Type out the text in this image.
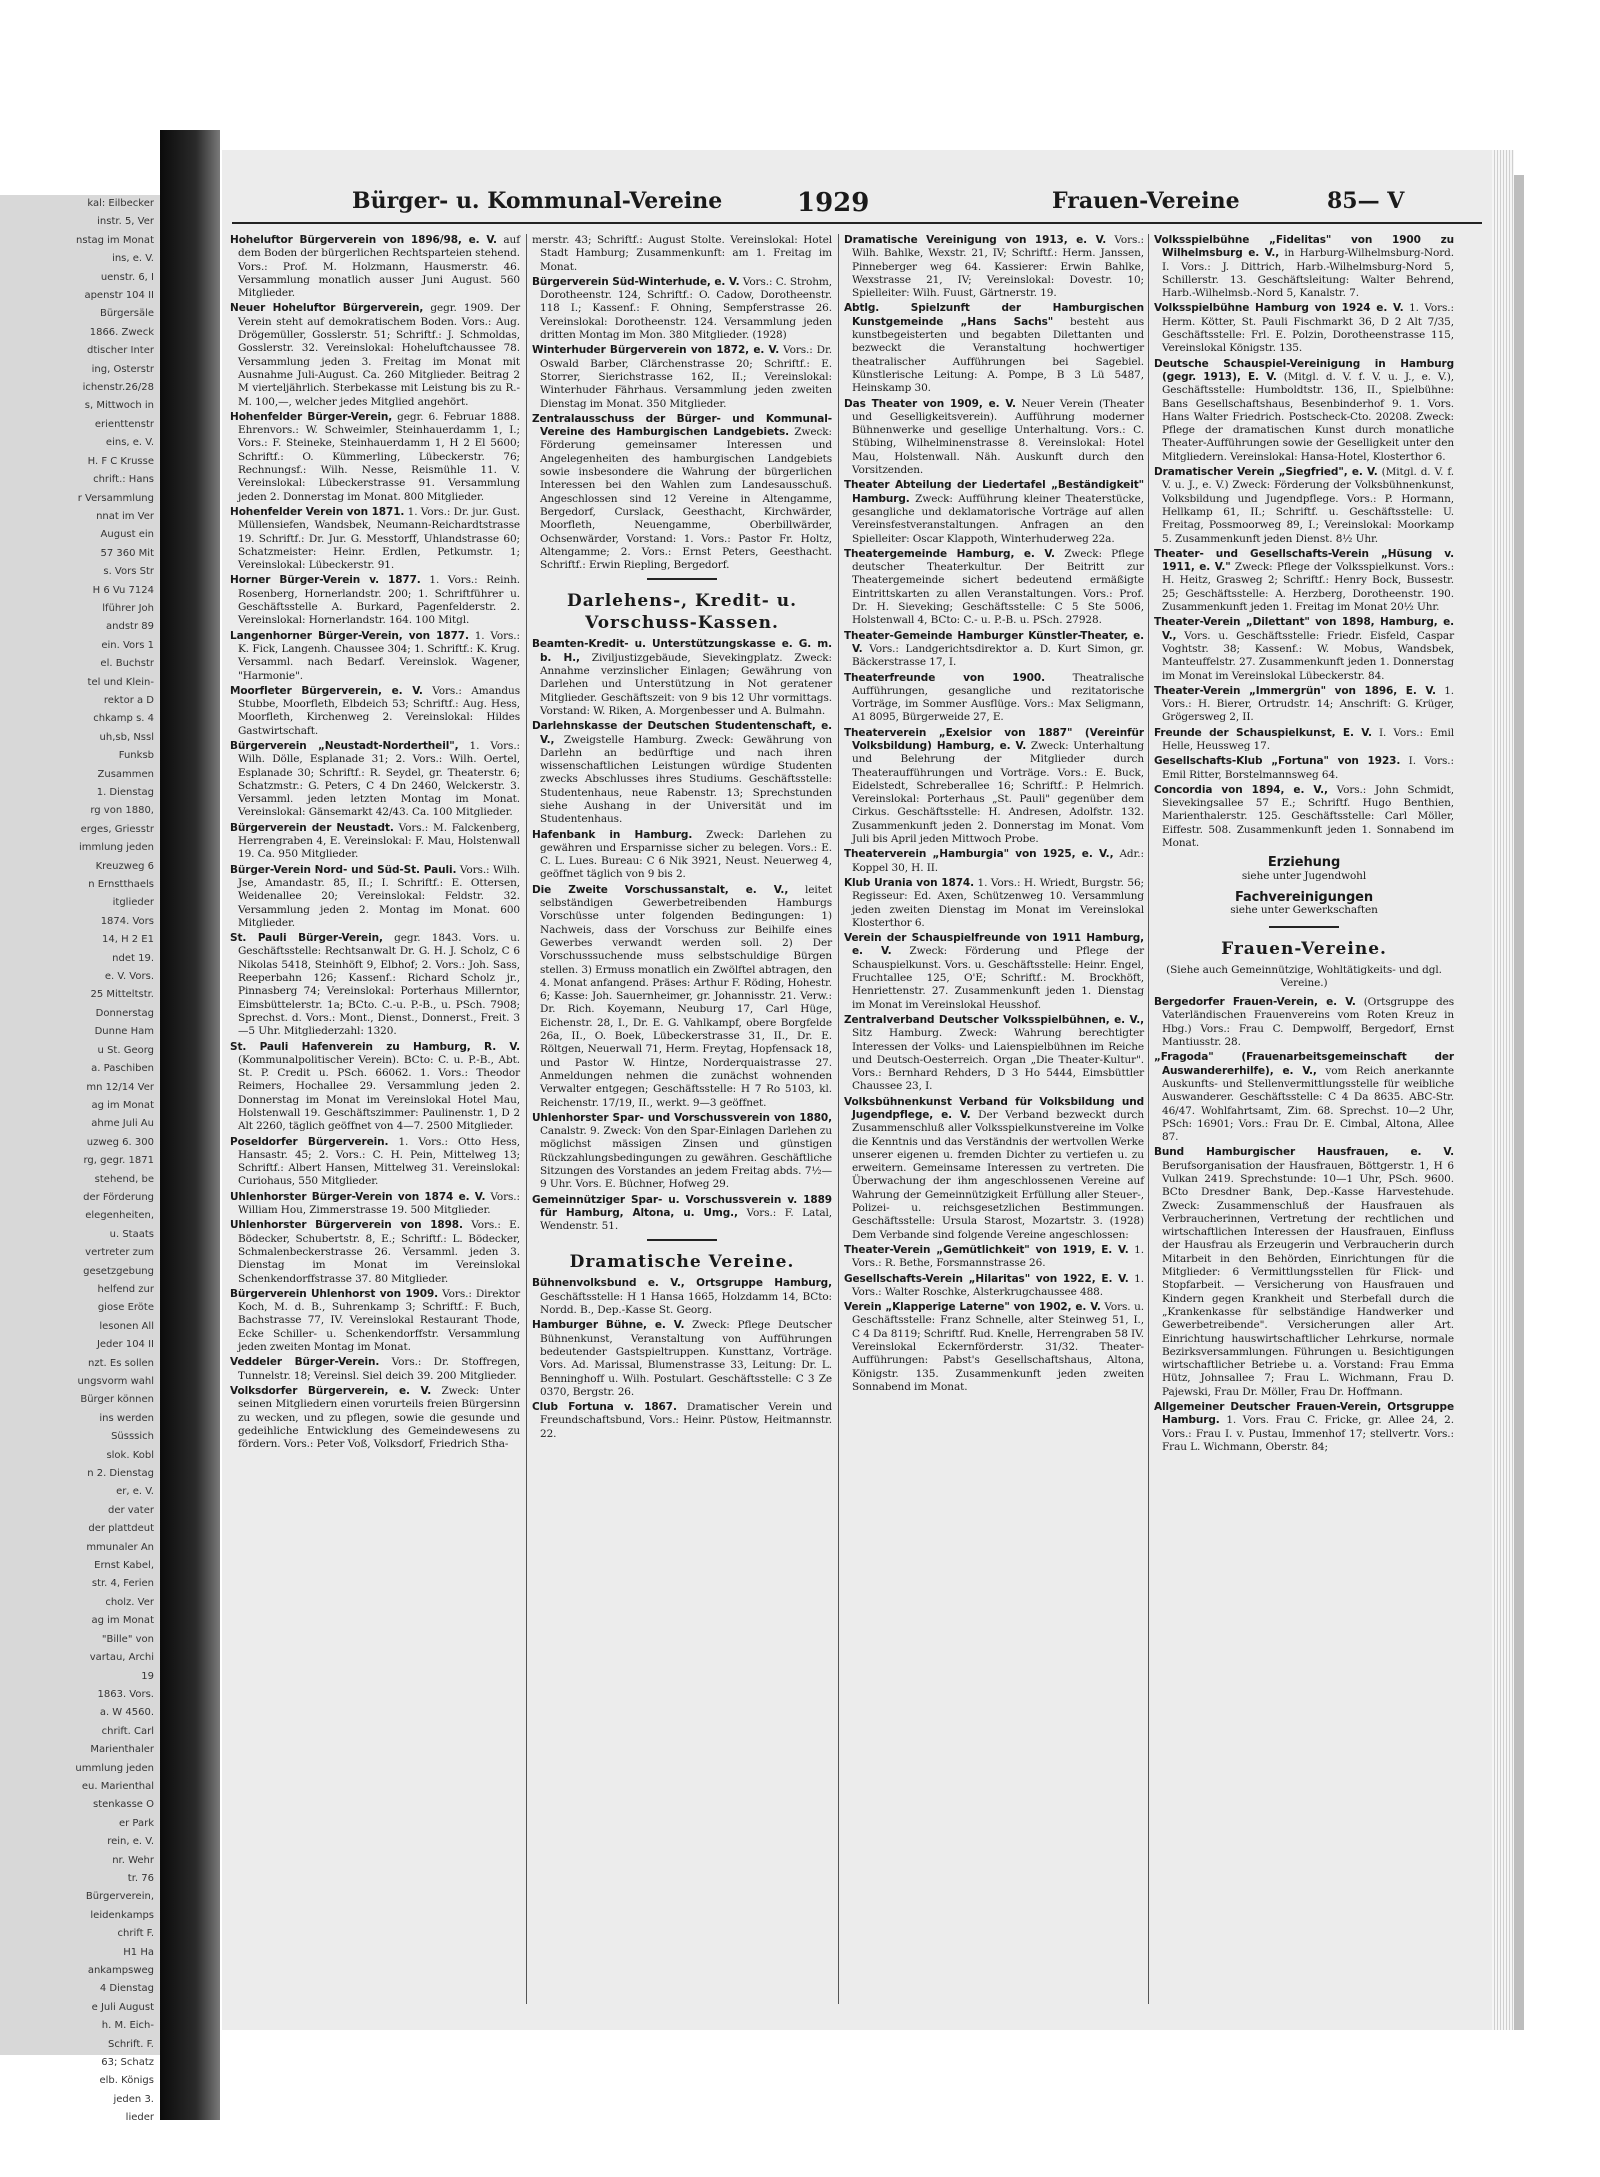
kal: Eilbecker
instr. 5, Ver
nstag im Monat
ins, e. V.
uenstr. 6, I
apenstr 104 II
Bürgersäle
1866. Zweck
dtischer Inter
ing, Osterstr
ichenstr.26/28
s, Mittwoch in
erienttenstr
eins, e. V.
H. F C Krusse
chrift.: Hans
r Versammlung
nnat im Ver
August ein
57 360 Mit
s. Vors Str
H 6 Vu 7124
lführer Joh
andstr 89
ein. Vors 1
el. Buchstr
tel und Klein-
rektor a D
chkamp s. 4
uh,sb, Nssl
Funksb
Zusammen
1. Dienstag
rg von 1880,
erges, Griesstr
immlung jeden
Kreuzweg 6
n Ernstthaels
itglieder
1874. Vors
14, H 2 E1
ndet 19.
e. V. Vors.
25 Mitteltstr.
Donnerstag
Dunne Ham
u St. Georg
a. Paschiben
mn 12/14 Ver
ag im Monat
ahme Juli Au
uzweg 6. 300
rg, gegr. 1871
stehend, be
der Förderung
elegenheiten,
u. Staats
vertreter zum
gesetzgebung
helfend zur
giose Eröte
lesonen All
Jeder 104 II
nzt. Es sollen
ungsvorm wahl
Bürger können
ins werden
Süsssich
slok. Kobl
n 2. Dienstag
er, e. V.
der vater
der plattdeut
mmunaler An
Ernst Kabel,
str. 4, Ferien
cholz. Ver
ag im Monat
"Bille" von
vartau, Archi
19
1863. Vors.
a. W 4560.
chrift. Carl
Marienthaler
ummlung jeden
eu. Marienthal
stenkasse O
er Park
rein, e. V.
nr. Wehr
tr. 76
Bürgerverein,
leidenkamps
chrift F.
H1 Ha
ankampsweg
4 Dienstag
e Juli August
h. M. Eich-
Schrift. F.
63; Schatz
elb. Königs
jeden 3.
lieder
Bürger- u. Kommunal-Vereine	1929	Frauen-Vereine	85— V
Hoheluftor Bürgerverein von 1896/98, e. V. auf dem Boden der bürgerlichen Rechtsparteien stehend. Vors.: Prof. M. Holzmann, Hausmerstr. 46. Versammlung monatlich ausser Juni August. 560 Mitglieder.
Neuer Hoheluftor Bürgerverein, gegr. 1909. Der Verein steht auf demokratischem Boden. Vors.: Aug. Drögemüller, Gosslerstr. 51; Schriftf.: J. Schmoldas, Gosslerstr. 32. Vereinslokal: Hoheluftchaussee 78. Versammlung jeden 3. Freitag im Monat mit Ausnahme Juli-August. Ca. 260 Mitglieder. Beitrag 2 M vierteljährlich. Sterbekasse mit Leistung bis zu R.-M. 100,—, welcher jedes Mitglied angehört.
Hohenfelder Bürger-Verein, gegr. 6. Februar 1888. Ehrenvors.: W. Schweimler, Steinhauerdamm 1, I.; Vors.: F. Steineke, Steinhauerdamm 1, H 2 El 5600; Schriftf.: O. Kümmerling, Lübeckerstr. 76; Rechnungsf.: Wilh. Nesse, Reismühle 11. V. Vereinslokal: Lübeckerstrasse 91. Versammlung jeden 2. Donnerstag im Monat. 800 Mitglieder.
Hohenfelder Verein von 1871. 1. Vors.: Dr. jur. Gust. Müllensiefen, Wandsbek, Neumann-Reichardtstrasse 19. Schriftf.: Dr. Jur. G. Messtorff, Uhlandstrasse 60; Schatzmeister: Heinr. Erdlen, Petkumstr. 1; Vereinslokal: Lübeckerstr. 91.
Horner Bürger-Verein v. 1877. 1. Vors.: Reinh. Rosenberg, Hornerlandstr. 200; 1. Schriftführer u. Geschäftsstelle A. Burkard, Pagenfelderstr. 2. Vereinslokal: Hornerlandstr. 164. 100 Mitgl.
Langenhorner Bürger-Verein, von 1877. 1. Vors.: K. Fick, Langenh. Chaussee 304; 1. Schriftf.: K. Krug. Versamml. nach Bedarf. Vereinslok. Wagener, "Harmonie".
Moorfleter Bürgerverein, e. V. Vors.: Amandus Stubbe, Moorfleth, Elbdeich 53; Schriftf.: Aug. Hess, Moorfleth, Kirchenweg 2. Vereinslokal: Hildes Gastwirtschaft.
Bürgerverein „Neustadt-Nordertheil", 1. Vors.: Wilh. Dölle, Esplanade 31; 2. Vors.: Wilh. Oertel, Esplanade 30; Schriftf.: R. Seydel, gr. Theaterstr. 6; Schatzmstr.: G. Peters, C 4 Dn 2460, Welckerstr. 3. Versamml. jeden letzten Montag im Monat. Vereinslokal: Gänsemarkt 42/43. Ca. 100 Mitglieder.
Bürgerverein der Neustadt. Vors.: M. Falckenberg, Herrengraben 4, E. Vereinslokal: F. Mau, Holstenwall 19. Ca. 950 Mitglieder.
Bürger-Verein Nord- und Süd-St. Pauli. Vors.: Wilh. Jse, Amandastr. 85, II.; I. Schriftf.: E. Ottersen, Weidenallee 20; Vereinslokal: Feldstr. 32. Versammlung jeden 2. Montag im Monat. 600 Mitglieder.
St. Pauli Bürger-Verein, gegr. 1843. Vors. u. Geschäftsstelle: Rechtsanwalt Dr. G. H. J. Scholz, C 6 Nikolas 5418, Steinhöft 9, Elbhof; 2. Vors.: Joh. Sass, Reeperbahn 126; Kassenf.: Richard Scholz jr., Pinnasberg 74; Vereinslokal: Porterhaus Millerntor, Eimsbüttelerstr. 1a; BCto. C.-u. P.-B., u. PSch. 7908; Sprechst. d. Vors.: Mont., Dienst., Donnerst., Freit. 3—5 Uhr. Mitgliederzahl: 1320.
St. Pauli Hafenverein zu Hamburg, R. V. (Kommunalpolitischer Verein). BCto: C. u. P.-B., Abt. St. P. Credit u. PSch. 66062. 1. Vors.: Theodor Reimers, Hochallee 29. Versammlung jeden 2. Donnerstag im Monat im Vereinslokal Hotel Mau, Holstenwall 19. Geschäftszimmer: Paulinenstr. 1, D 2 Alt 2260, täglich geöffnet von 4—7. 2500 Mitglieder.
Poseldorfer Bürgerverein. 1. Vors.: Otto Hess, Hansastr. 45; 2. Vors.: C. H. Pein, Mittelweg 13; Schriftf.: Albert Hansen, Mittelweg 31. Vereinslokal: Curiohaus, 550 Mitglieder.
Uhlenhorster Bürger-Verein von 1874 e. V. Vors.: William Hou, Zimmerstrasse 19. 500 Mitglieder.
Uhlenhorster Bürgerverein von 1898. Vors.: E. Bödecker, Schubertstr. 8, E.; Schriftf.: L. Bödecker, Schmalenbeckerstrasse 26. Versamml. jeden 3. Dienstag im Monat im Vereinslokal Schenkendorffstrasse 37. 80 Mitglieder.
Bürgerverein Uhlenhorst von 1909. Vors.: Direktor Koch, M. d. B., Suhrenkamp 3; Schriftf.: F. Buch, Bachstrasse 77, IV. Vereinslokal Restaurant Thode, Ecke Schiller- u. Schenkendorffstr. Versammlung jeden zweiten Montag im Monat.
Veddeler Bürger-Verein. Vors.: Dr. Stoffregen, Tunnelstr. 18; Vereinsl. Siel deich 39. 200 Mitglieder.
Volksdorfer Bürgerverein, e. V. Zweck: Unter seinen Mitgliedern einen vorurteils freien Bürgersinn zu wecken, und zu pflegen, sowie die gesunde und gedeihliche Entwicklung des Gemeindewesens zu fördern. Vors.: Peter Voß, Volksdorf, Friedrich Stha-
merstr. 43; Schriftf.: August Stolte. Vereinslokal: Hotel Stadt Hamburg; Zusammenkunft: am 1. Freitag im Monat.
Bürgerverein Süd-Winterhude, e. V. Vors.: C. Strohm, Dorotheenstr. 124, Schriftf.: O. Cadow, Dorotheenstr. 118 I.; Kassenf.: F. Ohning, Sempferstrasse 26. Vereinslokal: Dorotheenstr. 124. Versammlung jeden dritten Montag im Mon. 380 Mitglieder. (1928)
Winterhuder Bürgerverein von 1872, e. V. Vors.: Dr. Oswald Barber, Clärchenstrasse 20; Schriftf.: E. Storrer, Sierichstrasse 162, II.; Vereinslokal: Winterhuder Fährhaus. Versammlung jeden zweiten Dienstag im Monat. 350 Mitglieder.
Zentralausschuss der Bürger- und Kommunal-Vereine des Hamburgischen Landgebiets. Zweck: Förderung gemeinsamer Interessen und Angelegenheiten des hamburgischen Landgebiets sowie insbesondere die Wahrung der bürgerlichen Interessen bei den Wahlen zum Landesausschuß. Angeschlossen sind 12 Vereine in Altengamme, Bergedorf, Curslack, Geesthacht, Kirchwärder, Moorfleth, Neuengamme, Oberbillwärder, Ochsenwärder, Vorstand: 1. Vors.: Pastor Fr. Holtz, Altengamme; 2. Vors.: Ernst Peters, Geesthacht. Schriftf.: Erwin Riepling, Bergedorf.
Darlehens-, Kredit- u. Vorschuss-Kassen.
Beamten-Kredit- u. Unterstützungskasse e. G. m. b. H., Ziviljustizgebäude, Sievekingplatz. Zweck: Annahme verzinslicher Einlagen; Gewährung von Darlehen und Unterstützung in Not geratener Mitglieder. Geschäftszeit: von 9 bis 12 Uhr vormittags. Vorstand: W. Riken, A. Morgenbesser und A. Bulmahn.
Darlehnskasse der Deutschen Studentenschaft, e. V., Zweigstelle Hamburg. Zweck: Gewährung von Darlehn an bedürftige und nach ihren wissenschaftlichen Leistungen würdige Studenten zwecks Abschlusses ihres Studiums. Geschäftsstelle: Studentenhaus, neue Rabenstr. 13; Sprechstunden siehe Aushang in der Universität und im Studentenhaus.
Hafenbank in Hamburg. Zweck: Darlehen zu gewähren und Ersparnisse sicher zu belegen. Vors.: E. C. L. Lues. Bureau: C 6 Nik 3921, Neust. Neuerweg 4, geöffnet täglich von 9 bis 2.
Die Zweite Vorschussanstalt, e. V., leitet selbständigen Gewerbetreibenden Hamburgs Vorschüsse unter folgenden Bedingungen: 1) Nachweis, dass der Vorschuss zur Beihilfe eines Gewerbes verwandt werden soll. 2) Der Vorschusssuchende muss selbstschuldige Bürgen stellen. 3) Ermuss monatlich ein Zwölftel abtragen, den 4. Monat anfangend. Präses: Arthur F. Röding, Hohestr. 6; Kasse: Joh. Sauernheimer, gr. Johannisstr. 21. Verw.: Dr. Rich. Koyemann, Neuburg 17, Carl Hüge, Eichenstr. 28, I., Dr. E. G. Vahlkampf, obere Borgfelde 26a, II., O. Boek, Lübeckerstrasse 31, II., Dr. E. Röltgen, Neuerwall 71, Herm. Freytag, Hopfensack 18, und Pastor W. Hintze, Norderquaistrasse 27. Anmeldungen nehmen die zunächst wohnenden Verwalter entgegen; Geschäftsstelle: H 7 Ro 5103, kl. Reichenstr. 17/19, II., werkt. 9—3 geöffnet.
Uhlenhorster Spar- und Vorschussverein von 1880, Canalstr. 9. Zweck: Von den Spar-Einlagen Darlehen zu möglichst mässigen Zinsen und günstigen Rückzahlungsbedingungen zu gewähren. Geschäftliche Sitzungen des Vorstandes an jedem Freitag abds. 7½—9 Uhr. Vors. E. Büchner, Hofweg 29.
Gemeinnütziger Spar- u. Vorschussverein v. 1889 für Hamburg, Altona, u. Umg., Vors.: F. Latal, Wendenstr. 51.
Dramatische Vereine.
Bühnenvolksbund e. V., Ortsgruppe Hamburg, Geschäftsstelle: H 1 Hansa 1665, Holzdamm 14, BCto: Nordd. B., Dep.-Kasse St. Georg.
Hamburger Bühne, e. V. Zweck: Pflege Deutscher Bühnenkunst, Veranstaltung von Aufführungen bedeutender Gastspieltruppen. Kunsttanz, Vorträge. Vors. Ad. Marissal, Blumenstrasse 33, Leitung: Dr. L. Benninghoff u. Wilh. Postulart. Geschäftsstelle: C 3 Ze 0370, Bergstr. 26.
Club Fortuna v. 1867. Dramatischer Verein und Freundschaftsbund, Vors.: Heinr. Püstow, Heitmannstr. 22.
Dramatische Vereinigung von 1913, e. V. Vors.: Wilh. Bahlke, Wexstr. 21, IV; Schriftf.: Herm. Janssen, Pinneberger weg 64. Kassierer: Erwin Bahlke, Wexstrasse 21, IV; Vereinslokal: Dovestr. 10; Spielleiter: Wilh. Fuust, Gärtnerstr. 19.
Abtlg. Spielzunft der Hamburgischen Kunstgemeinde „Hans Sachs" besteht aus kunstbegeisterten und begabten Dilettanten und bezweckt die Veranstaltung hochwertiger theatralischer Aufführungen bei Sagebiel. Künstlerische Leitung: A. Pompe, B 3 Lü 5487, Heinskamp 30.
Das Theater von 1909, e. V. Neuer Verein (Theater und Geselligkeitsverein). Aufführung moderner Bühnenwerke und gesellige Unterhaltung. Vors.: C. Stübing, Wilhelminenstrasse 8. Vereinslokal: Hotel Mau, Holstenwall. Näh. Auskunft durch den Vorsitzenden.
Theater Abteilung der Liedertafel „Beständigkeit" Hamburg. Zweck: Aufführung kleiner Theaterstücke, gesangliche und deklamatorische Vorträge auf allen Vereinsfestveranstaltungen. Anfragen an den Spielleiter: Oscar Klappoth, Winterhuderweg 22a.
Theatergemeinde Hamburg, e. V. Zweck: Pflege deutscher Theaterkultur. Der Beitritt zur Theatergemeinde sichert bedeutend ermäßigte Eintrittskarten zu allen Veranstaltungen. Vors.: Prof. Dr. H. Sieveking; Geschäftsstelle: C 5 Ste 5006, Holstenwall 4, BCto: C.- u. P.-B. u. PSch. 27928.
Theater-Gemeinde Hamburger Künstler-Theater, e. V. Vors.: Landgerichtsdirektor a. D. Kurt Simon, gr. Bäckerstrasse 17, I.
Theaterfreunde von 1900.	Theatralische Aufführungen, gesangliche und rezitatorische Vorträge, im Sommer Ausflüge. Vors.: Max Seligmann, A1 8095, Bürgerweide 27, E.
Theaterverein „Exelsior von 1887" (Vereinfür Volksbildung) Hamburg, e. V. Zweck: Unterhaltung und Belehrung der Mitglieder durch Theateraufführungen und Vorträge. Vors.: E. Buck, Eidelstedt, Schreberallee 16; Schriftf.: P. Helmrich. Vereinslokal: Porterhaus „St. Pauli" gegenüber dem Cirkus. Geschäftsstelle: H. Andresen, Adolfstr. 132. Zusammenkunft jeden 2. Donnerstag im Monat. Vom Juli bis April jeden Mittwoch Probe.
Theaterverein „Hamburgia" von 1925, e. V., Adr.: Koppel 30, H. II.
Klub Urania von 1874. 1. Vors.: H. Wriedt, Burgstr. 56; Regisseur: Ed. Axen, Schützenweg 10. Versammlung jeden zweiten Dienstag im Monat im Vereinslokal Klosterthor 6.
Verein der Schauspielfreunde von 1911 Hamburg, e. V. Zweck: Förderung und Pflege der Schauspielkunst. Vors. u. Geschäftsstelle: Heinr. Engel, Fruchtallee 125, O'E; Schriftf.: M. Brockhöft, Henriettenstr. 27. Zusammenkunft jeden 1. Dienstag im Monat im Vereinslokal Heusshof.
Zentralverband Deutscher Volksspielbühnen, e. V., Sitz Hamburg. Zweck: Wahrung berechtigter Interessen der Volks- und Laienspielbühnen im Reiche und Deutsch-Oesterreich. Organ „Die Theater-Kultur". Vors.: Bernhard Rehders, D 3 Ho 5444, Eimsbüttler Chaussee 23, I.
Volksbühnenkunst Verband für Volksbildung und Jugendpflege, e. V. Der Verband bezweckt durch Zusammenschluß aller Volksspielkunstvereine im Volke die Kenntnis und das Verständnis der wertvollen Werke unserer eigenen u. fremden Dichter zu vertiefen u. zu erweitern. Gemeinsame Interessen zu vertreten. Die Überwachung der ihm angeschlossenen Vereine auf Wahrung der Gemeinnützigkeit Erfüllung aller Steuer-, Polizei- u. reichsgesetzlichen Bestimmungen. Geschäftsstelle: Ursula Starost, Mozartstr. 3. (1928) Dem Verbande sind folgende Vereine angeschlossen:
Theater-Verein „Gemütlichkeit" von 1919, E. V. 1. Vors.: R. Bethe, Forsmannstrasse 26.
Gesellschafts-Verein „Hilaritas" von 1922, E. V. 1. Vors.: Walter Roschke, Alsterkrugchaussee 488.
Verein „Klapperige Laterne" von 1902, e. V. Vors. u. Geschäftsstelle: Franz Schnelle, alter Steinweg 51, I., C 4 Da 8119; Schriftf. Rud. Knelle, Herrengraben 58 IV. Vereinslokal Eckernförderstr. 31/32. Theater-Aufführungen: Pabst's Gesellschaftshaus, Altona, Königstr. 135. Zusammenkunft jeden zweiten Sonnabend im Monat.
Volksspielbühne „Fidelitas" von 1900 zu Wilhelmsburg e. V., in Harburg-Wilhelmsburg-Nord. I. Vors.: J. Dittrich, Harb.-Wilhelmsburg-Nord 5, Schillerstr. 13. Geschäftsleitung: Walter Behrend, Harb.-Wilhelmsb.-Nord 5, Kanalstr. 7.
Volksspielbühne Hamburg von 1924 e. V. 1. Vors.: Herm. Kötter, St. Pauli Fischmarkt 36, D 2 Alt 7/35, Geschäftsstelle: Frl. E. Polzin, Dorotheenstrasse 115, Vereinslokal Königstr. 135.
Deutsche Schauspiel-Vereinigung in Hamburg (gegr. 1913), E. V. (Mitgl. d. V. f. V. u. J., e. V.), Geschäftsstelle: Humboldtstr. 136, II., Spielbühne: Bans Gesellschaftshaus, Besenbinderhof 9. 1. Vors. Hans Walter Friedrich. Postscheck-Cto. 20208. Zweck: Pflege der dramatischen Kunst durch monatliche Theater-Aufführungen sowie der Geselligkeit unter den Mitgliedern. Vereinslokal: Hansa-Hotel, Klosterthor 6.
Dramatischer Verein „Siegfried", e. V. (Mitgl. d. V. f. V. u. J., e. V.) Zweck: Förderung der Volksbühnenkunst, Volksbildung und Jugendpflege. Vors.: P. Hormann, Hellkamp 61, II.; Schriftf. u. Geschäftsstelle: U. Freitag, Possmoorweg 89, I.; Vereinslokal: Moorkamp 5. Zusammenkunft jeden Dienst. 8½ Uhr.
Theater- und Gesellschafts-Verein „Hüsung v. 1911, e. V." Zweck: Pflege der Volksspielkunst. Vors.: H. Heitz, Grasweg 2; Schriftf.: Henry Bock, Bussestr. 25; Geschäftsstelle: A. Herzberg, Dorotheenstr. 190. Zusammenkunft jeden 1. Freitag im Monat 20½ Uhr.
Theater-Verein „Dilettant" von 1898, Hamburg, e. V., Vors. u. Geschäftsstelle: Friedr. Eisfeld, Caspar Voghtstr. 38; Kassenf.: W. Mobus, Wandsbek, Manteuffelstr. 27. Zusammenkunft jeden 1. Donnerstag im Monat im Vereinslokal Lübeckerstr. 84.
Theater-Verein „Immergrün" von 1896, E. V. 1. Vors.: H. Bierer, Ortrudstr. 14; Anschrift: G. Krüger, Grögersweg 2, II.
Freunde der Schauspielkunst, E. V. I. Vors.: Emil Helle, Heussweg 17.
Gesellschafts-Klub „Fortuna" von 1923. I. Vors.: Emil Ritter, Borstelmannsweg 64.
Concordia von 1894, e. V., Vors.: John Schmidt, Sievekingsallee 57 E.; Schriftf. Hugo Benthien, Marienthalerstr. 125. Geschäftsstelle: Carl Möller, Eiffestr. 508. Zusammenkunft jeden 1. Sonnabend im Monat.
Erziehung
siehe unter Jugendwohl
Fachvereinigungen
siehe unter Gewerkschaften
Frauen-Vereine.
(Siehe auch Gemeinnützige, Wohltätigkeits- und dgl. Vereine.)
Bergedorfer Frauen-Verein, e. V. (Ortsgruppe des Vaterländischen Frauenvereins vom Roten Kreuz in Hbg.) Vors.: Frau C. Dempwolff, Bergedorf, Ernst Mantiusstr. 28.
„Fragoda" (Frauenarbeitsgemeinschaft der Auswandererhilfe), e. V., vom Reich anerkannte Auskunfts- und Stellenvermittlungsstelle für weibliche Auswanderer. Geschäftsstelle: C 4 Da 8635. ABC-Str. 46/47. Wohlfahrtsamt, Zim. 68. Sprechst. 10—2 Uhr, PSch: 16901; Vors.: Frau Dr. E. Cimbal, Altona, Allee 87.
Bund Hamburgischer Hausfrauen, e. V. Berufsorganisation der Hausfrauen, Böttgerstr. 1, H 6 Vulkan 2419. Sprechstunde: 10—1 Uhr, PSch. 9600. BCto Dresdner Bank, Dep.-Kasse Harvestehude. Zweck: Zusammenschluß der Hausfrauen als Verbraucherinnen, Vertretung der rechtlichen und wirtschaftlichen Interessen der Hausfrauen, Einfluss der Hausfrau als Erzeugerin und Verbraucherin durch Mitarbeit in den Behörden, Einrichtungen für die Mitglieder: 6 Vermittlungsstellen für Flick- und Stopfarbeit. — Versicherung von Hausfrauen und Kindern gegen Krankheit und Sterbefall durch die „Krankenkasse für selbständige Handwerker und Gewerbetreibende". Versicherungen aller Art. Einrichtung hauswirtschaftlicher Lehrkurse, normale Bezirksversammlungen. Führungen u. Besichtigungen wirtschaftlicher Betriebe u. a. Vorstand: Frau Emma Hütz, Johnsallee 7; Frau L. Wichmann, Frau D. Pajewski, Frau Dr. Möller, Frau Dr. Hoffmann.
Allgemeiner Deutscher Frauen-Verein, Ortsgruppe Hamburg. 1. Vors. Frau C. Fricke, gr. Allee 24, 2. Vors.: Frau I. v. Pustau, Immenhof 17; stellvertr. Vors.: Frau L. Wichmann, Oberstr. 84;
